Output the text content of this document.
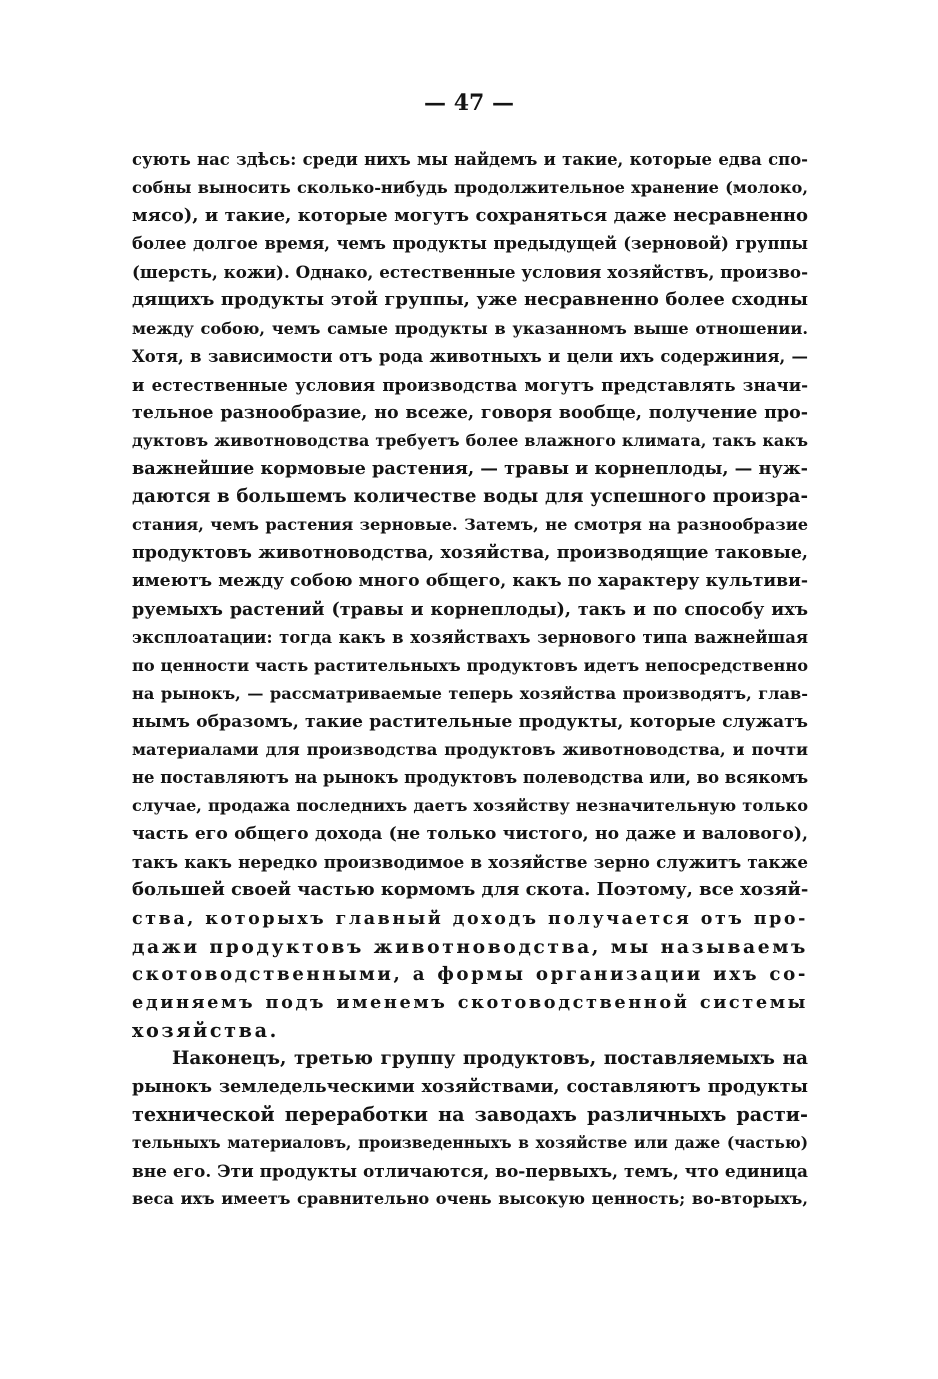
— 47 —
сують нас здѣсь: среди нихъ мы найдемъ и такие, которые едва спо-
собны выносить сколько-нибудь продолжительное хранение (молоко,
мясо), и такие, которые могутъ сохраняться даже несравненно
более долгое время, чемъ продукты предыдущей (зерновой) группы
(шерсть, кожи). Однако, естественные условия хозяйствъ, произво-
дящихъ продукты этой группы, уже несравненно более сходны
между собою, чемъ самые продукты в указанномъ выше отношении.
Хотя, в зависимости отъ рода животныхъ и цели ихъ содержиния, —
и естественные условия производства могутъ представлять значи-
тельное разнообразие, но всеже, говоря вообще, получение про-
дуктовъ животноводства требуетъ более влажного климата, такъ какъ
важнейшие кормовые растения, — травы и корнеплоды, — нуж-
даются в большемъ количестве воды для успешного произра-
стания, чемъ растения зерновые. Затемъ, не смотря на разнообразие
продуктовъ животноводства, хозяйства, производящие таковые,
имеютъ между собою много общего, какъ по характеру культиви-
руемыхъ растений (травы и корнеплоды), такъ и по способу ихъ
эксплоатации: тогда какъ в хозяйствахъ зернового типа важнейшая
по ценности часть растительныхъ продуктовъ идетъ непосредственно
на рынокъ, — рассматриваемые теперь хозяйства производятъ, глав-
нымъ образомъ, такие растительные продукты, которые служатъ
материалами для производства продуктовъ животноводства, и почти
не поставляютъ на рынокъ продуктовъ полеводства или, во всякомъ
случае, продажа последнихъ даетъ хозяйству незначительную только
часть его общего дохода (не только чистого, но даже и валового),
такъ какъ нередко производимое в хозяйстве зерно служитъ также
большей своей частью кормомъ для скота. Поэтому, все хозяй-
ства, которыхъ главный доходъ получается отъ про-
дажи продуктовъ животноводства, мы называемъ
скотоводственными, а формы организации ихъ со-
единяемъ подъ именемъ скотоводственной системы
хозяйства.
Наконецъ, третью группу продуктовъ, поставляемыхъ на
рынокъ земледельческими хозяйствами, составляютъ продукты
технической переработки на заводахъ различныхъ расти-
тельныхъ материаловъ, произведенныхъ в хозяйстве или даже (частью)
вне его. Эти продукты отличаются, во-первыхъ, темъ, что единица
веса ихъ имеетъ сравнительно очень высокую ценность; во-вторыхъ,
